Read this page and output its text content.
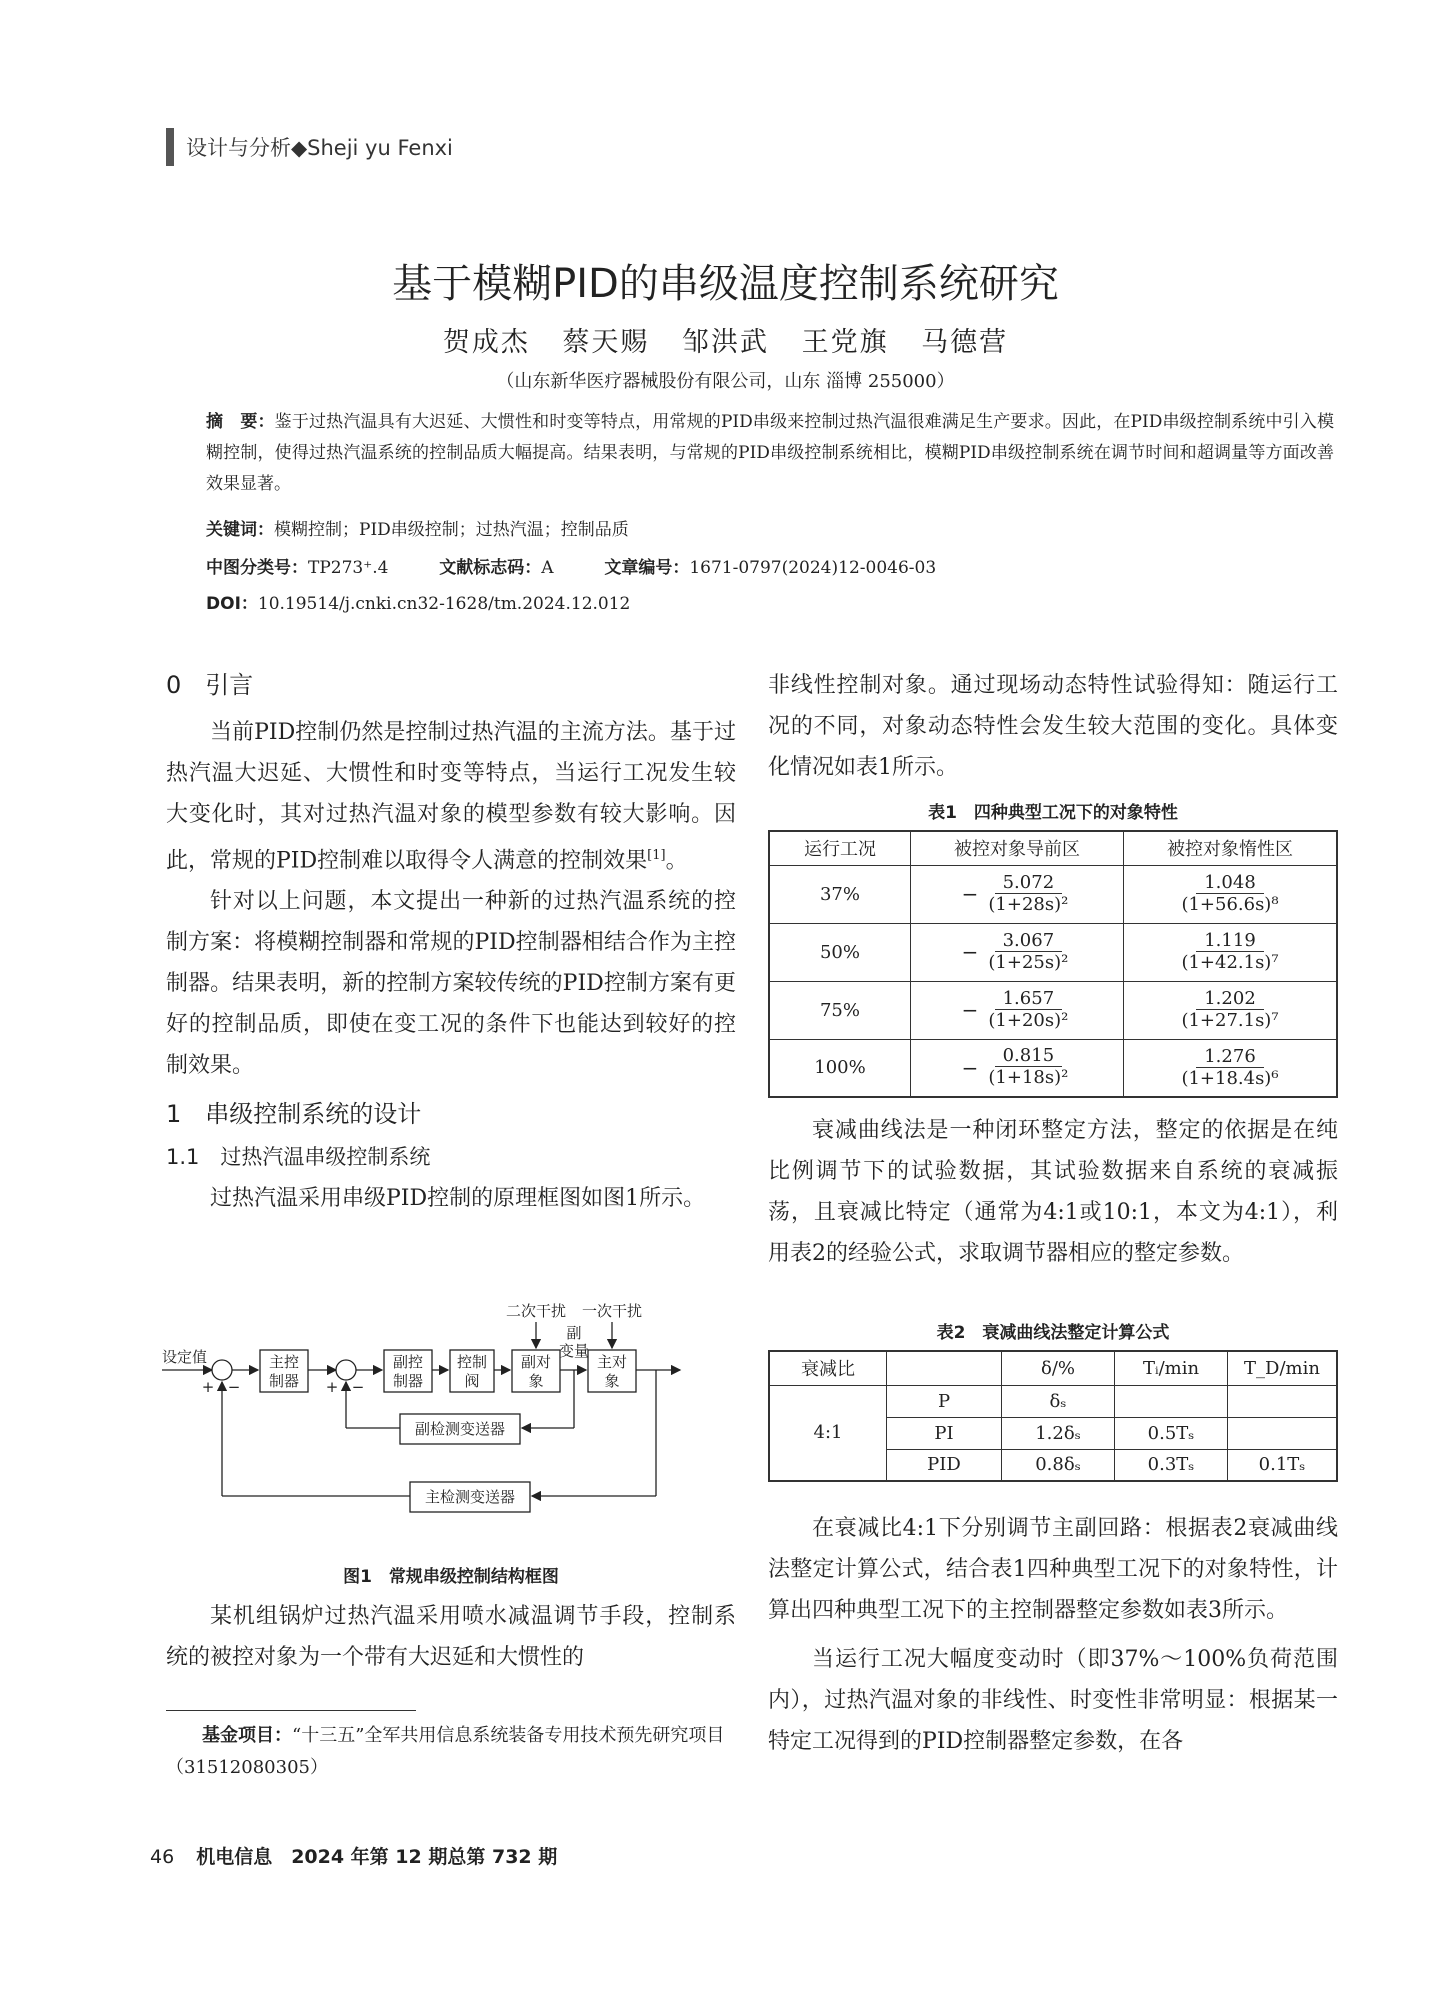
设计与分析◆Sheji yu Fenxi
基于模糊PID的串级温度控制系统研究
贺成杰 蔡天赐 邹洪武 王党旗 马德营
（山东新华医疗器械股份有限公司，山东 淄博 255000）
摘　要：鉴于过热汽温具有大迟延、大惯性和时变等特点，用常规的PID串级来控制过热汽温很难满足生产要求。因此，在PID串级控制系统中引入模糊控制，使得过热汽温系统的控制品质大幅提高。结果表明，与常规的PID串级控制系统相比，模糊PID串级控制系统在调节时间和超调量等方面改善效果显著。
关键词：模糊控制；PID串级控制；过热汽温；控制品质
中图分类号：TP273⁺.4	文献标志码：A	文章编号：1671-0797(2024)12-0046-03
DOI：10.19514/j.cnki.cn32-1628/tm.2024.12.012
0　引言

当前PID控制仍然是控制过热汽温的主流方法。基于过热汽温大迟延、大惯性和时变等特点，当运行工况发生较大变化时，其对过热汽温对象的模型参数有较大影响。因此，常规的PID控制难以取得令人满意的控制效果[1]。

针对以上问题，本文提出一种新的过热汽温系统的控制方案：将模糊控制器和常规的PID控制器相结合作为主控制器。结果表明，新的控制方案较传统的PID控制方案有更好的控制品质，即使在变工况的条件下也能达到较好的控制效果。

1　串级控制系统的设计
1.1　过热汽温串级控制系统

过热汽温采用串级PID控制的原理框图如图1所示。

设定值
二次干扰 一次干扰
主控
制器
副控
制器
控制
阀
副对
象
主对
象
副
变量
副检测变送器
主检测变送器
+ −	+ −
图1　常规串级控制结构框图

某机组锅炉过热汽温采用喷水减温调节手段，控制系统的被控对象为一个带有大迟延和大惯性的

基金项目：“十三五”全军共用信息系统装备专用技术预先研究项目（31512080305）

非线性控制对象。通过现场动态特性试验得知：随运行工况的不同，对象动态特性会发生较大范围的变化。具体变化情况如表1所示。

表1　四种典型工况下的对象特性
运行工况	被控对象导前区	被控对象惰性区
37%	− $\frac{5.072}{\text{(1+28s)²}}$	$\frac{1.048}{\text{(1+56.6s)⁸}}$

50%	− $\frac{3.067}{\text{(1+25s)²}}$	$\frac{1.119}{\text{(1+42.1s)⁷}}$

75%	− $\frac{1.657}{\text{(1+20s)²}}$	$\frac{1.202}{\text{(1+27.1s)⁷}}$

100%	− $\frac{0.815}{\text{(1+18s)²}}$	$\frac{1.276}{\text{(1+18.4s)⁶}}$

衰减曲线法是一种闭环整定方法，整定的依据是在纯比例调节下的试验数据，其试验数据来自系统的衰减振荡，且衰减比特定（通常为4:1或10:1，本文为4:1），利用表2的经验公式，求取调节器相应的整定参数。

表2　衰减曲线法整定计算公式
衰减比		δ/%	Tᵢ/min	T_D/min
4:1	P	δₛ		
	PI	1.2δₛ	0.5Tₛ	
	PID	0.8δₛ	0.3Tₛ	0.1Tₛ

在衰减比4:1下分别调节主副回路：根据表2衰减曲线法整定计算公式，结合表1四种典型工况下的对象特性，计算出四种典型工况下的主控制器整定参数如表3所示。

当运行工况大幅度变动时（即37%～100%负荷范围内），过热汽温对象的非线性、时变性非常明显：根据某一特定工况得到的PID控制器整定参数，在各

46 机电信息　2024 年第 12 期总第 732 期
